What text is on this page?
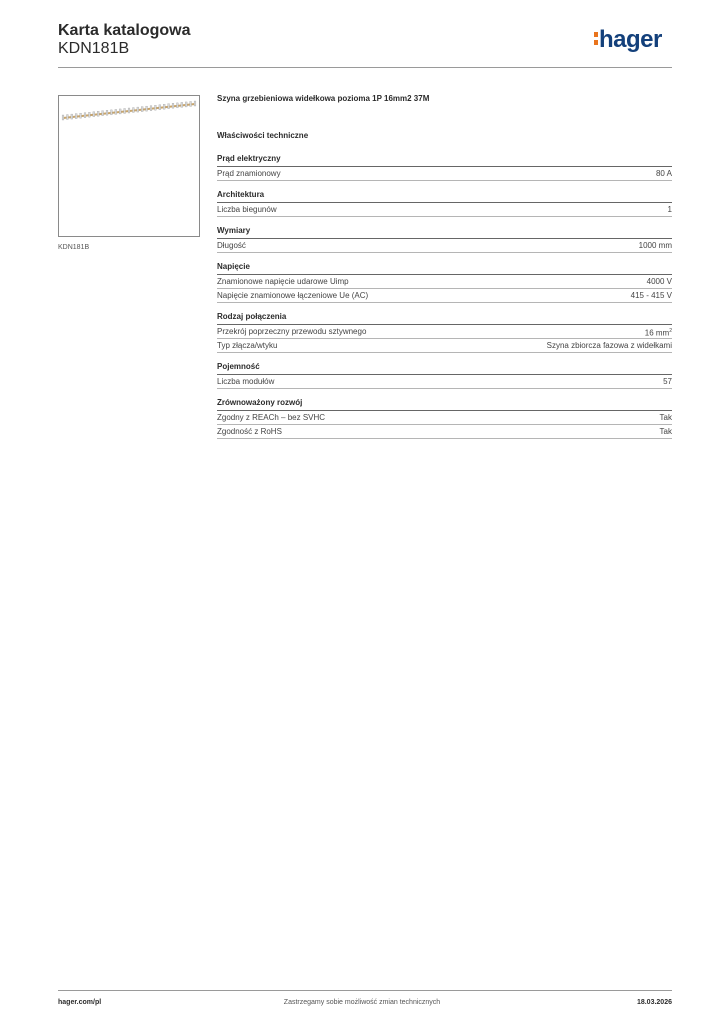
Karta katalogowa
KDN181B	hager
KDN181B
Szyna grzebieniowa widełkowa pozioma 1P 16mm2 37M
Właściwości techniczne
Prąd elektryczny
Prąd znamionowy	80 A
Architektura
Liczba biegunów	1
Wymiary
Długość	1000 mm
Napięcie
Znamionowe napięcie udarowe Uimp	4000 V
Napięcie znamionowe łączeniowe Ue (AC)	415 - 415 V
Rodzaj połączenia
Przekrój poprzeczny przewodu sztywnego	16 $mm^2$
Typ złącza/wtyku	Szyna zbiorcza fazowa z widełkami
Pojemność
Liczba modułów	57
Zrównoważony rozwój
Zgodny z REACh – bez SVHC	Tak
Zgodność z RoHS	Tak
hager.com/pl	Zastrzegamy sobie możliwość zmian technicznych	18.03.2026
